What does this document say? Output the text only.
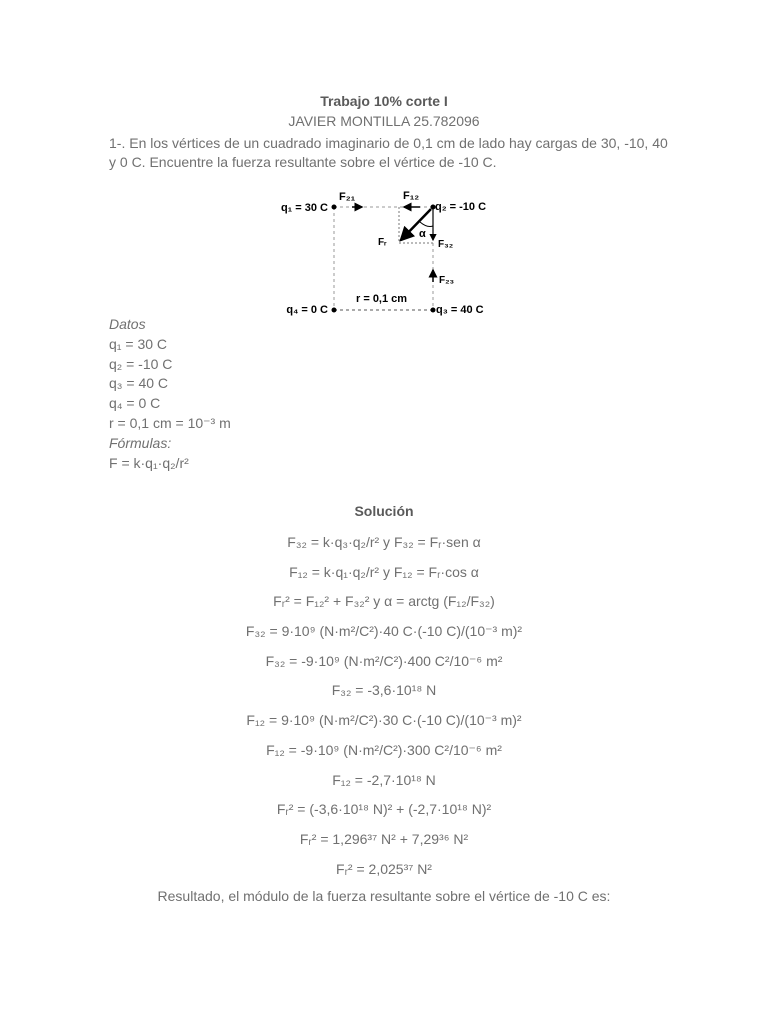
Trabajo 10% corte I
JAVIER MONTILLA 25.782096
1-. En los vértices de un cuadrado imaginario de 0,1 cm de lado hay cargas de 30, -10, 40 y 0 C. Encuentre la fuerza resultante sobre el vértice de -10 C.
q₁ = 30 C	q₂ = -10 C
q₃ = 40 C
q₄ = 0 C
F₂₁	F₁₂
Fᵣ
α
F₃₂
F₂₃
r = 0,1 cm
Datos
q₁ = 30 C
q₂ = -10 C
q₃ = 40 C
q₄ = 0 C
r = 0,1 cm = 10⁻³ m
Fórmulas:
F = k·q₁·q₂/r²
Solución
F₃₂ = k·q₃·q₂/r² y F₃₂ = Fᵣ·sen α
F₁₂ = k·q₁·q₂/r² y F₁₂ = Fᵣ·cos α
Fᵣ² = F₁₂² + F₃₂² y α = arctg (F₁₂/F₃₂)
F₃₂ = 9·10⁹ (N·m²/C²)·40 C·(-10 C)/(10⁻³ m)²
F₃₂ = -9·10⁹ (N·m²/C²)·400 C²/10⁻⁶ m²
F₃₂ = -3,6·10¹⁸ N
F₁₂ = 9·10⁹ (N·m²/C²)·30 C·(-10 C)/(10⁻³ m)²
F₁₂ = -9·10⁹ (N·m²/C²)·300 C²/10⁻⁶ m²
F₁₂ = -2,7·10¹⁸ N
Fᵣ² = (-3,6·10¹⁸ N)² + (-2,7·10¹⁸ N)²
Fᵣ² = 1,296³⁷ N² + 7,29³⁶ N²
Fᵣ² = 2,025³⁷ N²
Resultado, el módulo de la fuerza resultante sobre el vértice de -10 C es:
